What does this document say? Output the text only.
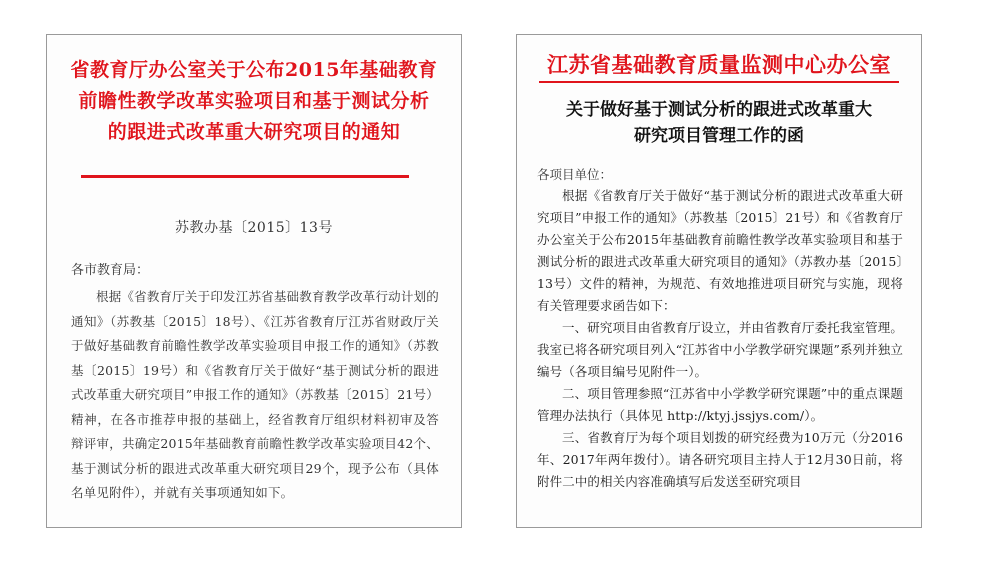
省教育厅办公室关于公布2015年基础教育
前瞻性教学改革实验项目和基于测试分析
的跟进式改革重大研究项目的通知
苏教办基〔2015〕13号
各市教育局：
根据《省教育厅关于印发江苏省基础教育教学改革行动计划的通知》（苏教基〔2015〕18号）、《江苏省教育厅江苏省财政厅关于做好基础教育前瞻性教学改革实验项目申报工作的通知》（苏教基〔2015〕19号）和《省教育厅关于做好“基于测试分析的跟进式改革重大研究项目”申报工作的通知》（苏教基〔2015〕21号）精神，在各市推荐申报的基础上，经省教育厅组织材料初审及答辩评审，共确定2015年基础教育前瞻性教学改革实验项目42个、基于测试分析的跟进式改革重大研究项目29个，现予公布（具体名单见附件），并就有关事项通知如下。
江苏省基础教育质量监测中心办公室
关于做好基于测试分析的跟进式改革重大
研究项目管理工作的函
各项目单位：

根据《省教育厅关于做好“基于测试分析的跟进式改革重大研究项目”申报工作的通知》（苏教基〔2015〕21号）和《省教育厅办公室关于公布2015年基础教育前瞻性教学改革实验项目和基于测试分析的跟进式改革重大研究项目的通知》（苏教办基〔2015〕13号）文件的精神，为规范、有效地推进项目研究与实施，现将有关管理要求函告如下：

一、研究项目由省教育厅设立，并由省教育厅委托我室管理。我室已将各研究项目列入“江苏省中小学教学研究课题”系列并独立编号（各项目编号见附件一）。

二、项目管理参照“江苏省中小学教学研究课题”中的重点课题管理办法执行（具体见 http://ktyj.jssjys.com/）。

三、省教育厅为每个项目划拨的研究经费为10万元（分2016年、2017年两年拨付）。请各研究项目主持人于12月30日前，将附件二中的相关内容准确填写后发送至研究项目
